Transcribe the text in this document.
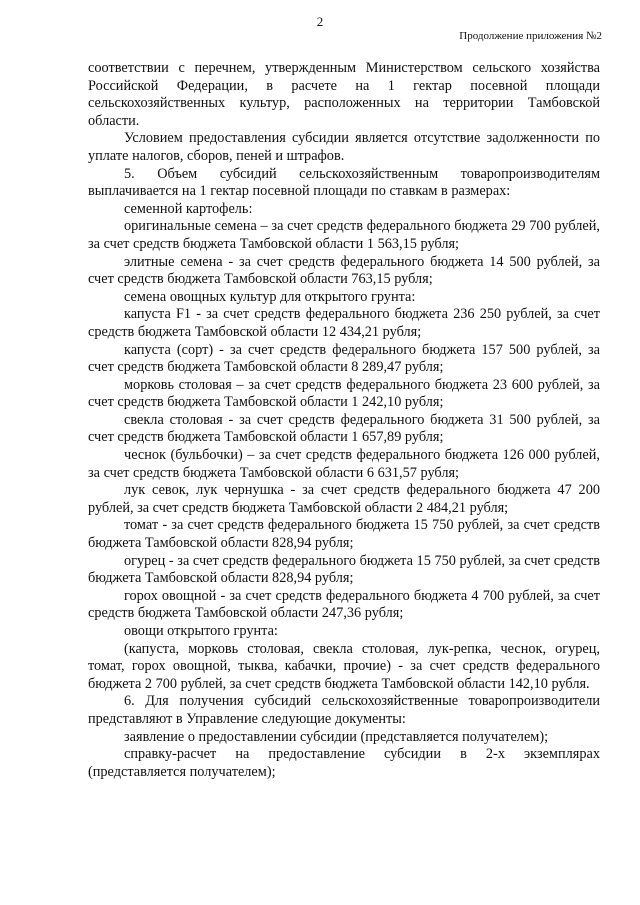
2
Продолжение приложения №2

соответствии с перечнем, утвержденным Министерством сельского хозяйства Российской Федерации, в расчете на 1 гектар посевной площади сельскохозяйственных культур, расположенных на территории Тамбовской области.

Условием предоставления субсидии является отсутствие задолженности по уплате налогов, сборов, пеней и штрафов.

5. Объем субсидий сельскохозяйственным товаропроизводителям выплачивается на 1 гектар посевной площади по ставкам в размерах:

семенной картофель:

оригинальные семена – за счет средств федерального бюджета 29 700 рублей, за счет средств бюджета Тамбовской области 1 563,15 рубля;

элитные семена - за счет средств федерального бюджета 14 500 рублей, за счет средств бюджета Тамбовской области 763,15 рубля;

семена овощных культур для открытого грунта:

капуста F1 - за счет средств федерального бюджета 236 250 рублей, за счет средств бюджета Тамбовской области 12 434,21 рубля;

капуста (сорт) - за счет средств федерального бюджета 157 500 рублей, за счет средств бюджета Тамбовской области 8 289,47 рубля;

морковь столовая – за счет средств федерального бюджета 23 600 рублей, за счет средств бюджета Тамбовской области 1 242,10 рубля;

свекла столовая - за счет средств федерального бюджета 31 500 рублей, за счет средств бюджета Тамбовской области 1 657,89 рубля;

чеснок (бульбочки) – за счет средств федерального бюджета 126 000 рублей, за счет средств бюджета Тамбовской области 6 631,57 рубля;

лук севок, лук чернушка - за счет средств федерального бюджета 47 200 рублей, за счет средств бюджета Тамбовской области 2 484,21 рубля;

томат - за счет средств федерального бюджета 15 750 рублей, за счет средств бюджета Тамбовской области 828,94 рубля;

огурец - за счет средств федерального бюджета 15 750 рублей, за счет средств бюджета Тамбовской области 828,94 рубля;

горох овощной - за счет средств федерального бюджета 4 700 рублей, за счет средств бюджета Тамбовской области 247,36 рубля;

овощи открытого грунта:

(капуста, морковь столовая, свекла столовая, лук-репка, чеснок, огурец, томат, горох овощной, тыква, кабачки, прочие) - за счет средств федерального бюджета 2 700 рублей, за счет средств бюджета Тамбовской области 142,10 рубля.

6. Для получения субсидий сельскохозяйственные товаропроизводители представляют в Управление следующие документы:

заявление о предоставлении субсидии (представляется получателем);

справку-расчет на предоставление субсидии в 2-х экземплярах (представляется получателем);
